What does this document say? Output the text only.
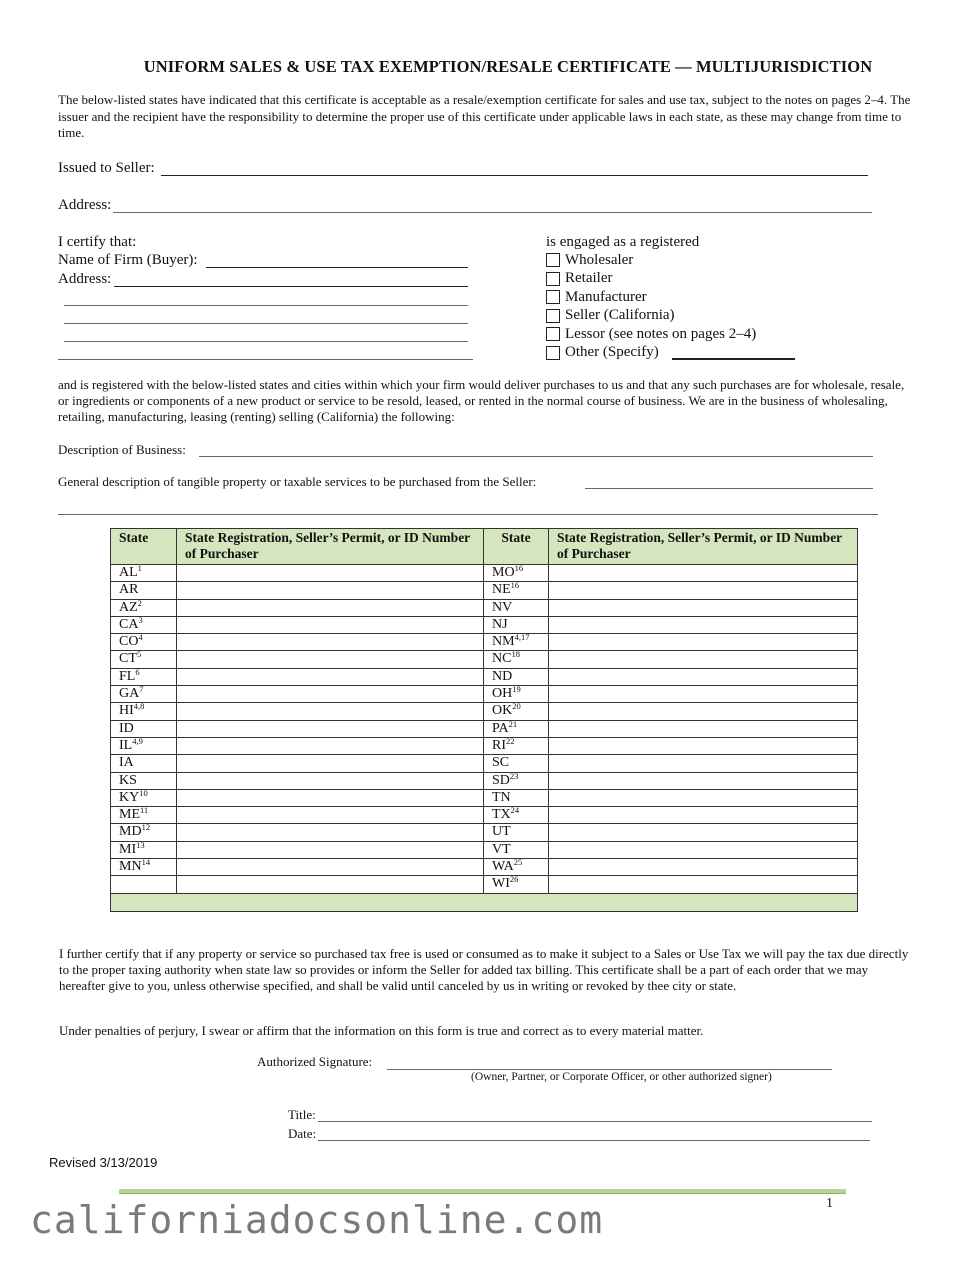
UNIFORM SALES & USE TAX EXEMPTION/RESALE CERTIFICATE — MULTIJURISDICTION
The below-listed states have indicated that this certificate is acceptable as a resale/exemption certificate for sales and use tax, subject to the notes on pages 2–4. The issuer and the recipient have the responsibility to determine the proper use of this certificate under applicable laws in each state, as these may change from time to time.
Issued to Seller:
Address:
I certify that:
Name of Firm (Buyer):
Address:
is engaged as a registered
Wholesaler
Retailer
Manufacturer
Seller (California)
Lessor (see notes on pages 2–4)
Other (Specify)
and is registered with the below-listed states and cities within which your firm would deliver purchases to us and that any such purchases are for wholesale, resale, or ingredients or components of a new product or service to be resold, leased, or rented in the normal course of business. We are in the business of wholesaling, retailing, manufacturing, leasing (renting) selling (California) the following:
Description of Business:
General description of tangible property or taxable services to be purchased from the Seller:
State	State Registration, Seller’s Permit, or ID Number of Purchaser	State	State Registration, Seller’s Permit, or ID Number of Purchaser
$AL^1$		MO$^{16}$	
AR		NE$^{16}$	
$AZ^2$		NV	
$CA^3$		NJ	
$CO^4$		NM$^{4,17}$	
$CT^5$		NC$^{18}$	
$FL^6$		ND	
$GA^7$		OH$^{19}$	
HI$^{4,8}$		OK$^{20}$	
ID		PA$^{21}$	
IL$^{4,9}$		RI$^{22}$	
IA		SC	
KS		SD$^{23}$	
KY$^{10}$		TN	
ME$^{11}$		TX$^{24}$	
MD$^{12}$		UT	
MI$^{13}$		VT	
MN$^{14}$		WA$^{25}$	
		WI$^{26}$	

I further certify that if any property or service so purchased tax free is used or consumed as to make it subject to a Sales or Use Tax we will pay the tax due directly to the proper taxing authority when state law so provides or inform the Seller for added tax billing. This certificate shall be a part of each order that we may hereafter give to you, unless otherwise specified, and shall be valid until canceled by us in writing or revoked by thee city or state.
Under penalties of perjury, I swear or affirm that the information on this form is true and correct as to every material matter.
Authorized Signature:
(Owner, Partner, or Corporate Officer, or other authorized signer)
Title:
Date:
Revised 3/13/2019
1
californiadocsonline.com
